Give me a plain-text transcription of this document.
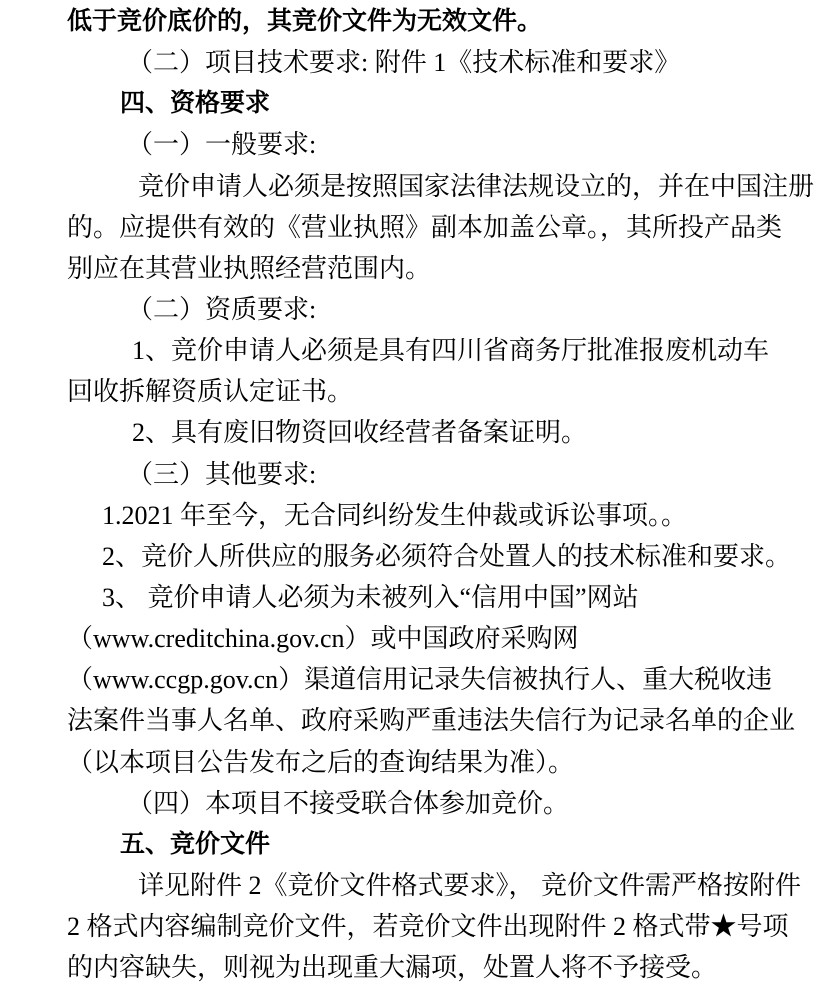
低于竞价底价的，其竞价文件为无效文件。
（二）项目技术要求: 附件 1《技术标准和要求》
四、资格要求
（一）一般要求:
竞价申请人必须是按照国家法律法规设立的，并在中国注册
的。应提供有效的《营业执照》副本加盖公章。，其所投产品类
别应在其营业执照经营范围内。
（二）资质要求:
1、竞价申请人必须是具有四川省商务厅批准报废机动车
回收拆解资质认定证书。
2、具有废旧物资回收经营者备案证明。
（三）其他要求:
1.2021 年至今，无合同纠纷发生仲裁或诉讼事项。。
2、竞价人所供应的服务必须符合处置人的技术标准和要求。
3、 竞价申请人必须为未被列入“信用中国”网站
（www.creditchina.gov.cn）或中国政府采购网
（www.ccgp.gov.cn）渠道信用记录失信被执行人、重大税收违
法案件当事人名单、政府采购严重违法失信行为记录名单的企业
（以本项目公告发布之后的查询结果为准）。
（四）本项目不接受联合体参加竞价。
五、竞价文件
详见附件 2《竞价文件格式要求》， 竞价文件需严格按附件
2 格式内容编制竞价文件，若竞价文件出现附件 2 格式带★号项
的内容缺失，则视为出现重大漏项，处置人将不予接受。
